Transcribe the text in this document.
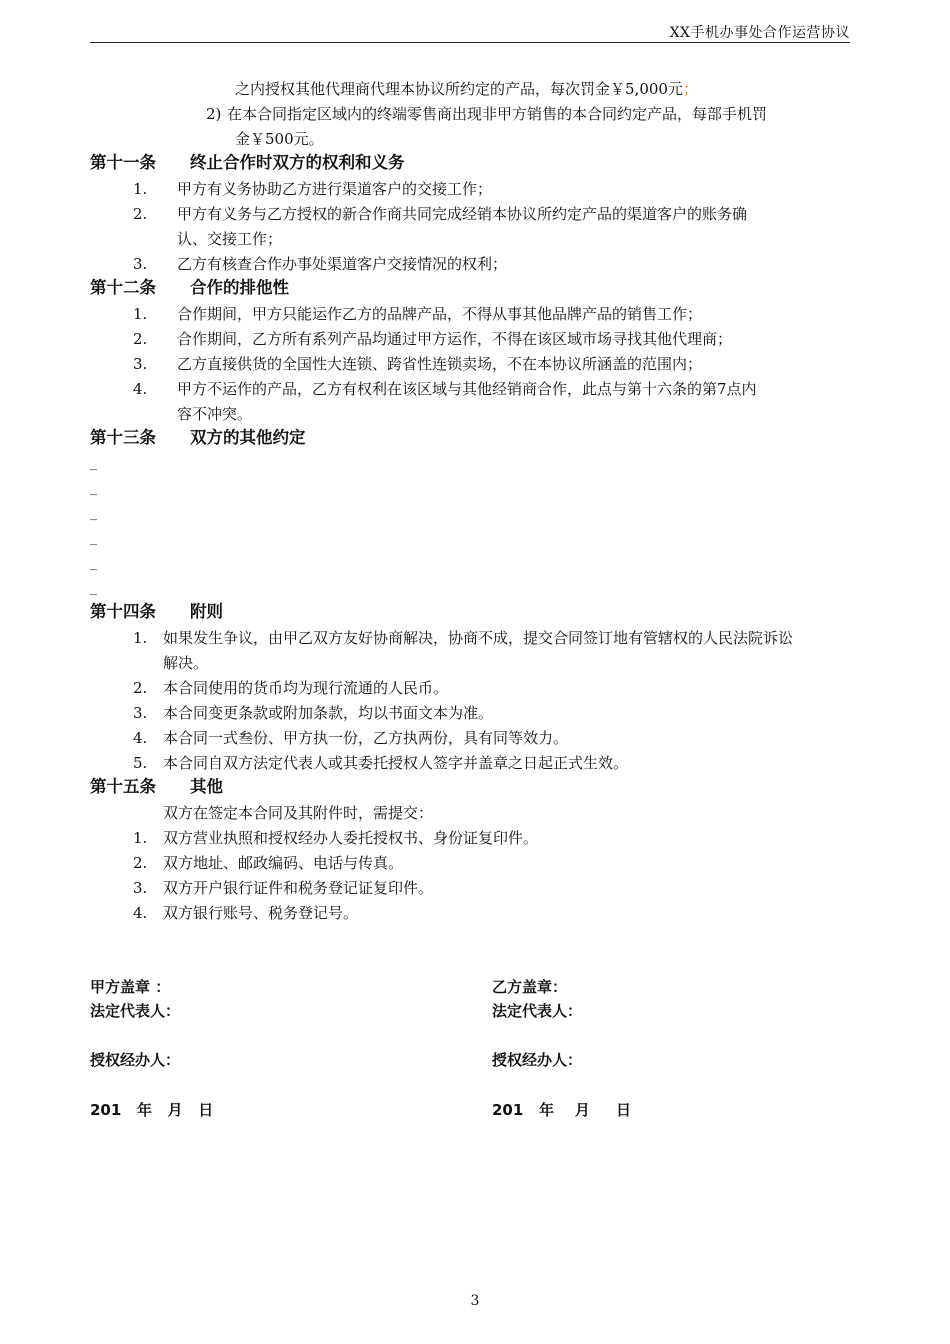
XX手机办事处合作运营协议
之内授权其他代理商代理本协议所约定的产品，每次罚金￥5,000元；
2) 在本合同指定区域内的终端零售商出现非甲方销售的本合同约定产品，每部手机罚
金￥500元。
第十一条 终止合作时双方的权利和义务
1. 甲方有义务协助乙方进行渠道客户的交接工作；
2. 甲方有义务与乙方授权的新合作商共同完成经销本协议所约定产品的渠道客户的账务确
认、交接工作；
3. 乙方有核查合作办事处渠道客户交接情况的权利；
第十二条 合作的排他性
1. 合作期间，甲方只能运作乙方的品牌产品，不得从事其他品牌产品的销售工作；
2. 合作期间，乙方所有系列产品均通过甲方运作，不得在该区域市场寻找其他代理商；
3. 乙方直接供货的全国性大连锁、跨省性连锁卖场，不在本协议所涵盖的范围内；
4. 甲方不运作的产品，乙方有权利在该区域与其他经销商合作，此点与第十六条的第7点内
容不冲突。
第十三条 双方的其他约定
_
_
_
_
_
_
第十四条 附则
1. 如果发生争议，由甲乙双方友好协商解决，协商不成，提交合同签订地有管辖权的人民法院诉讼
解决。
2. 本合同使用的货币均为现行流通的人民币。
3. 本合同变更条款或附加条款，均以书面文本为准。
4. 本合同一式叁份、甲方执一份，乙方执两份，具有同等效力。
5. 本合同自双方法定代表人或其委托授权人签字并盖章之日起正式生效。
第十五条 其他
双方在签定本合同及其附件时，需提交：
1. 双方营业执照和授权经办人委托授权书、身份证复印件。
2. 双方地址、邮政编码、电话与传真。
3. 双方开户银行证件和税务登记证复印件。
4. 双方银行账号、税务登记号。
甲方盖章 ：	乙方盖章：
法定代表人：	法定代表人：
授权经办人：	授权经办人：
201   年   月   日	201   年    月     日
3
